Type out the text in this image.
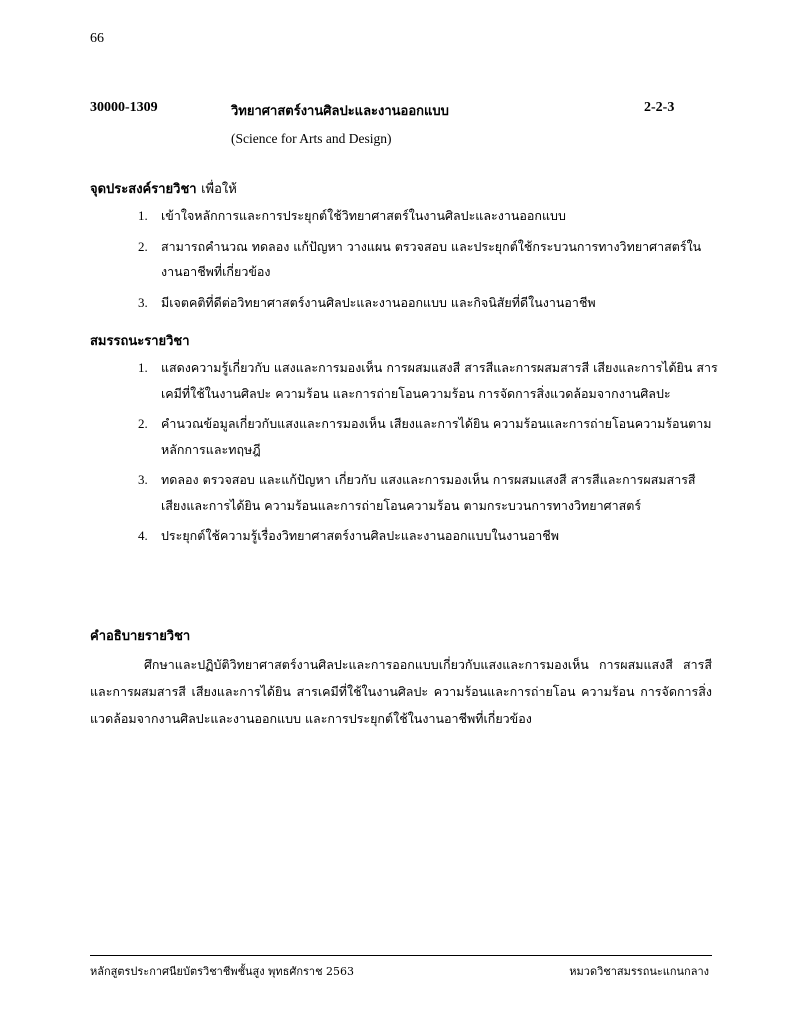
66
30000-1309	วิทยาศาสตร์งานศิลปะและงานออกแบบ	2-2-3
(Science for Arts and Design)
จุดประสงค์รายวิชา เพื่อให้
1. เข้าใจหลักการและการประยุกต์ใช้วิทยาศาสตร์ในงานศิลปะและงานออกแบบ
2. สามารถคำนวณ ทดลอง แก้ปัญหา วางแผน ตรวจสอบ และประยุกต์ใช้กระบวนการทางวิทยาศาสตร์ในงานอาชีพที่เกี่ยวข้อง
3. มีเจตคติที่ดีต่อวิทยาศาสตร์งานศิลปะและงานออกแบบ และกิจนิสัยที่ดีในงานอาชีพ
สมรรถนะรายวิชา
1. แสดงความรู้เกี่ยวกับ แสงและการมองเห็น การผสมแสงสี สารสีและการผสมสารสี เสียงและการได้ยิน สารเคมีที่ใช้ในงานศิลปะ ความร้อน และการถ่ายโอนความร้อน การจัดการสิ่งแวดล้อมจากงานศิลปะ
2. คำนวณข้อมูลเกี่ยวกับแสงและการมองเห็น เสียงและการได้ยิน ความร้อนและการถ่ายโอนความร้อนตามหลักการและทฤษฎี
3. ทดลอง ตรวจสอบ และแก้ปัญหา เกี่ยวกับ แสงและการมองเห็น การผสมแสงสี สารสีและการผสมสารสี เสียงและการได้ยิน ความร้อนและการถ่ายโอนความร้อน ตามกระบวนการทางวิทยาศาสตร์
4. ประยุกต์ใช้ความรู้เรื่องวิทยาศาสตร์งานศิลปะและงานออกแบบในงานอาชีพ
คำอธิบายรายวิชา

ศึกษาและปฏิบัติวิทยาศาสตร์งานศิลปะและการออกแบบเกี่ยวกับแสงและการมองเห็น การผสมแสงสี สารสี และการผสมสารสี เสียงและการได้ยิน สารเคมีที่ใช้ในงานศิลปะ ความร้อนและการถ่ายโอน ความร้อน การจัดการสิ่งแวดล้อมจากงานศิลปะและงานออกแบบ และการประยุกต์ใช้ในงานอาชีพที่เกี่ยวข้อง

หลักสูตรประกาศนียบัตรวิชาชีพชั้นสูง พุทธศักราช 2563	หมวดวิชาสมรรถนะแกนกลาง
